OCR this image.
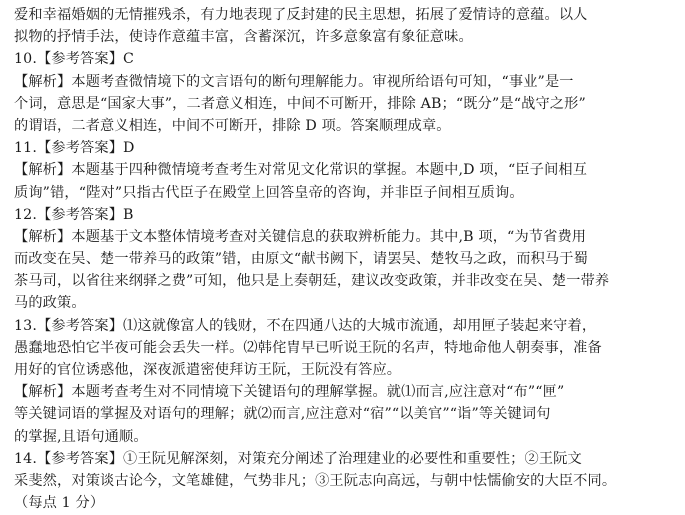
爱和幸福婚姻的无情摧残杀，有力地表现了反封建的民主思想，拓展了爱情诗的意蕴。以人
拟物的抒情手法，使诗作意蕴丰富，含蓄深沉，许多意象富有象征意味。
10.【参考答案】C
【解析】本题考查微情境下的文言语句的断句理解能力。审视所给语句可知，“事业”是一
个词，意思是“国家大事”，二者意义相连，中间不可断开，排除 AB；“既分”是“战守之形”
的谓语，二者意义相连，中间不可断开，排除 D 项。答案顺理成章。
11.【参考答案】D
【解析】本题基于四种微情境考查考生对常见文化常识的掌握。本题中,D 项，“臣子间相互
质询”错，“陛对”只指古代臣子在殿堂上回答皇帝的咨询，并非臣子间相互质询。
12.【参考答案】B
【解析】本题基于文本整体情境考查对关键信息的获取辨析能力。其中,B 项，“为节省费用
而改变在吴、楚一带养马的政策”错，由原文“献书阙下，请罢吴、楚牧马之政，而积马于蜀
茶马司，以省往来纲驿之费”可知，他只是上奏朝廷，建议改变政策，并非改变在吴、楚一带养
马的政策。
13.【参考答案】⑴这就像富人的钱财，不在四通八达的大城市流通，却用匣子装起来守着，
愚蠢地恐怕它半夜可能会丢失一样。⑵韩侘胄早已听说王阮的名声，特地命他人朝奏事，准备
用好的官位诱惑他，深夜派遣密使拜访王阮，王阮没有答应。
【解析】本题考查考生对不同情境下关键语句的理解掌握。就⑴而言,应注意对“布”“匣”
等关键词语的掌握及对语句的理解；就⑵而言,应注意对“宿”“以美官”“诣”等关键词句
的掌握,且语句通顺。
14.【参考答案】①王阮见解深刻，对策充分阐述了治理建业的必要性和重要性；②王阮文
采斐然，对策谈古论今，文笔雄健，气势非凡；③王阮志向高远，与朝中怯懦偷安的大臣不同。
（每点 1 分）
